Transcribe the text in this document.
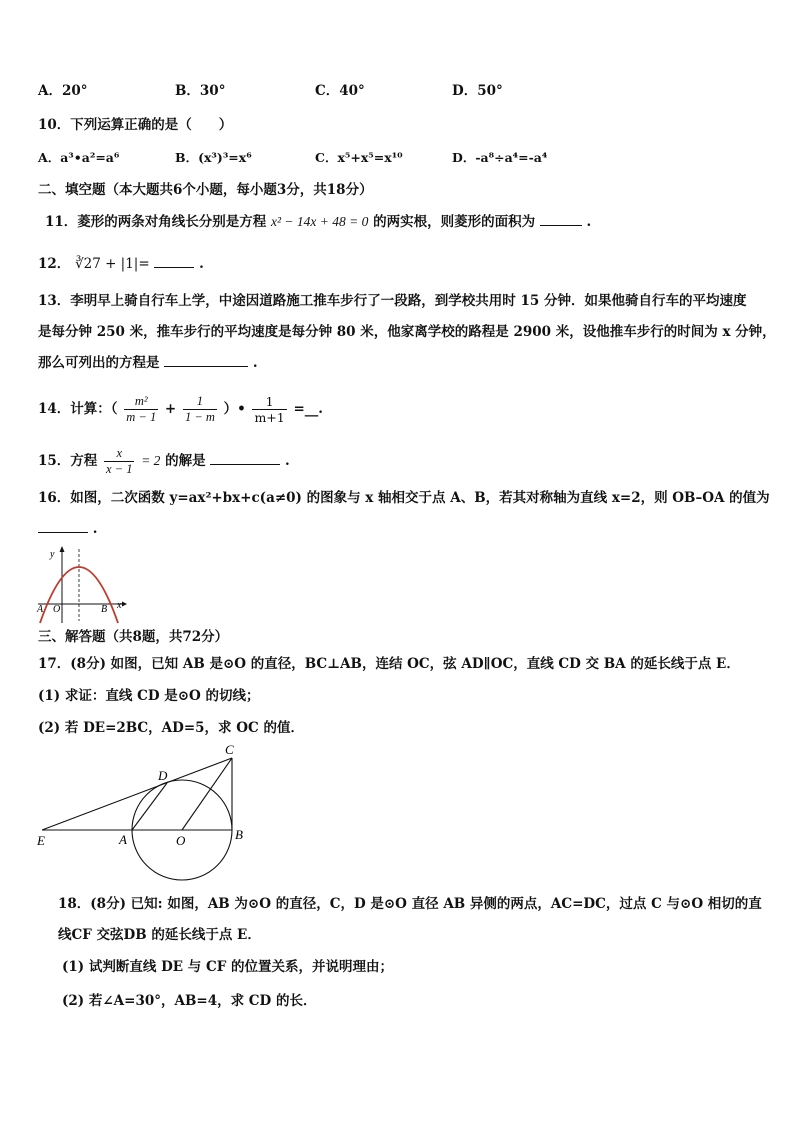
A．20°	B．30°	C．40°	D．50°
10．下列运算正确的是（　　）
A．a³•a²=a⁶	B．(x³)³=x⁶	C．x⁵+x⁵=x¹⁰	D．-a⁸÷a⁴=-a⁴
二、填空题（本大题共6个小题，每小题3分，共18分）
11．菱形的两条对角线长分别是方程 x² − 14x + 48 = 0 的两实根，则菱形的面积为	.
12． ∛27 + |1|=	.
13．李明早上骑自行车上学，中途因道路施工推车步行了一段路，到学校共用时 15 分钟．如果他骑自行车的平均速度
是每分钟 250 米，推车步行的平均速度是每分钟 80 米，他家离学校的路程是 2900 米，设他推车步行的时间为 x 分钟，
那么可列出的方程是	.
14．计算：（ $\frac{\text{m²}}{m - 1} + \frac{1}{1 - m}$ ）• $\frac{1}{m+1}$ =__.
15．方程 $\frac{x}{x - 1} = 2$ 的解是	.
16．如图，二次函数 y=ax²+bx+c(a≠0) 的图象与 x 轴相交于点 A、B，若其对称轴为直线 x=2，则 OB–OA 的值为
.
y
x
A O	B
三、解答题（共8题，共72分）
17．(8分) 如图，已知 AB 是⊙O 的直径，BC⊥AB，连结 OC，弦 AD∥OC，直线 CD 交 BA 的延长线于点 E．
(1) 求证：直线 CD 是⊙O 的切线；
(2) 若 DE=2BC，AD=5，求 OC 的值．
C
D
E	A	O	B
18．(8分) 已知: 如图，AB 为⊙O 的直径，C，D 是⊙O 直径 AB 异侧的两点，AC=DC，过点 C 与⊙O 相切的直
线CF 交弦DB 的延长线于点 E．
(1) 试判断直线 DE 与 CF 的位置关系，并说明理由；
(2) 若∠A=30°，AB=4，求 CD 的长．
